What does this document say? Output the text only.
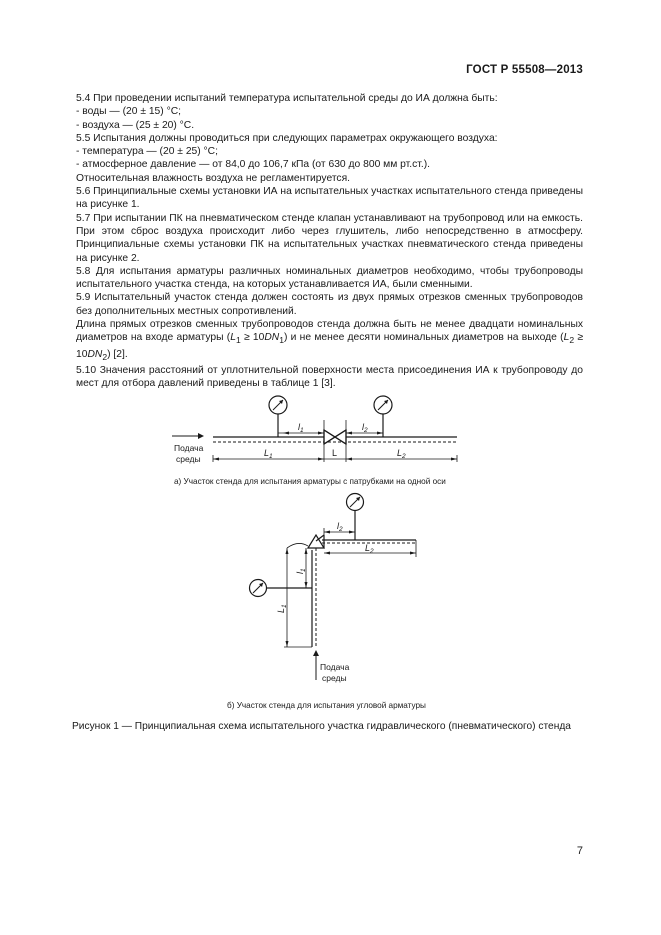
ГОСТ Р 55508—2013

5.4 При проведении испытаний температура испытательной среды до ИА должна быть:

- воды — (20 ± 15) °C;

- воздуха — (25 ± 20) °C.

5.5 Испытания должны проводиться при следующих параметрах окружающего воздуха:

- температура — (20 ± 25) °C;

- атмосферное давление — от 84,0 до 106,7 кПа (от 630 до 800 мм рт.ст.).

Относительная влажность воздуха не регламентируется.

5.6 Принципиальные схемы установки ИА на испытательных участках испытательного стенда приведены на рисунке 1.

5.7 При испытании ПК на пневматическом стенде клапан устанавливают на трубопровод или на емкость. При этом сброс воздуха происходит либо через глушитель, либо непосредственно в атмосферу. Принципиальные схемы установки ПК на испытательных участках пневматического стенда приведены на рисунке 2.

5.8 Для испытания арматуры различных номинальных диаметров необходимо, чтобы трубопроводы испытательного участка стенда, на которых устанавливается ИА, были сменными.

5.9 Испытательный участок стенда должен состоять из двух прямых отрезков сменных трубопроводов без дополнительных местных сопротивлений.

Длина прямых отрезков сменных трубопроводов стенда должна быть не менее двадцати номинальных диаметров на входе арматуры $(L_1 \ge 10DN_1)$ и не менее десяти номинальных диаметров на выходе $(L_2 \ge 10DN_2)$ [2].

5.10 Значения расстояний от уплотнительной поверхности места присоединения ИА к трубопроводу до мест для отбора давлений приведены в таблице 1 [3].

Подача
среды
$l_1$	$l_2$
$L_1$	L	$L_2$
а) Участок стенда для испытания арматуры с патрубками на одной оси
$l_2$
$L_2$
$l_1$
$L_1$
Подача
среды
б) Участок стенда для испытания угловой арматуры
Рисунок 1 — Принципиальная схема испытательного участка гидравлического (пневматического) стенда
7
